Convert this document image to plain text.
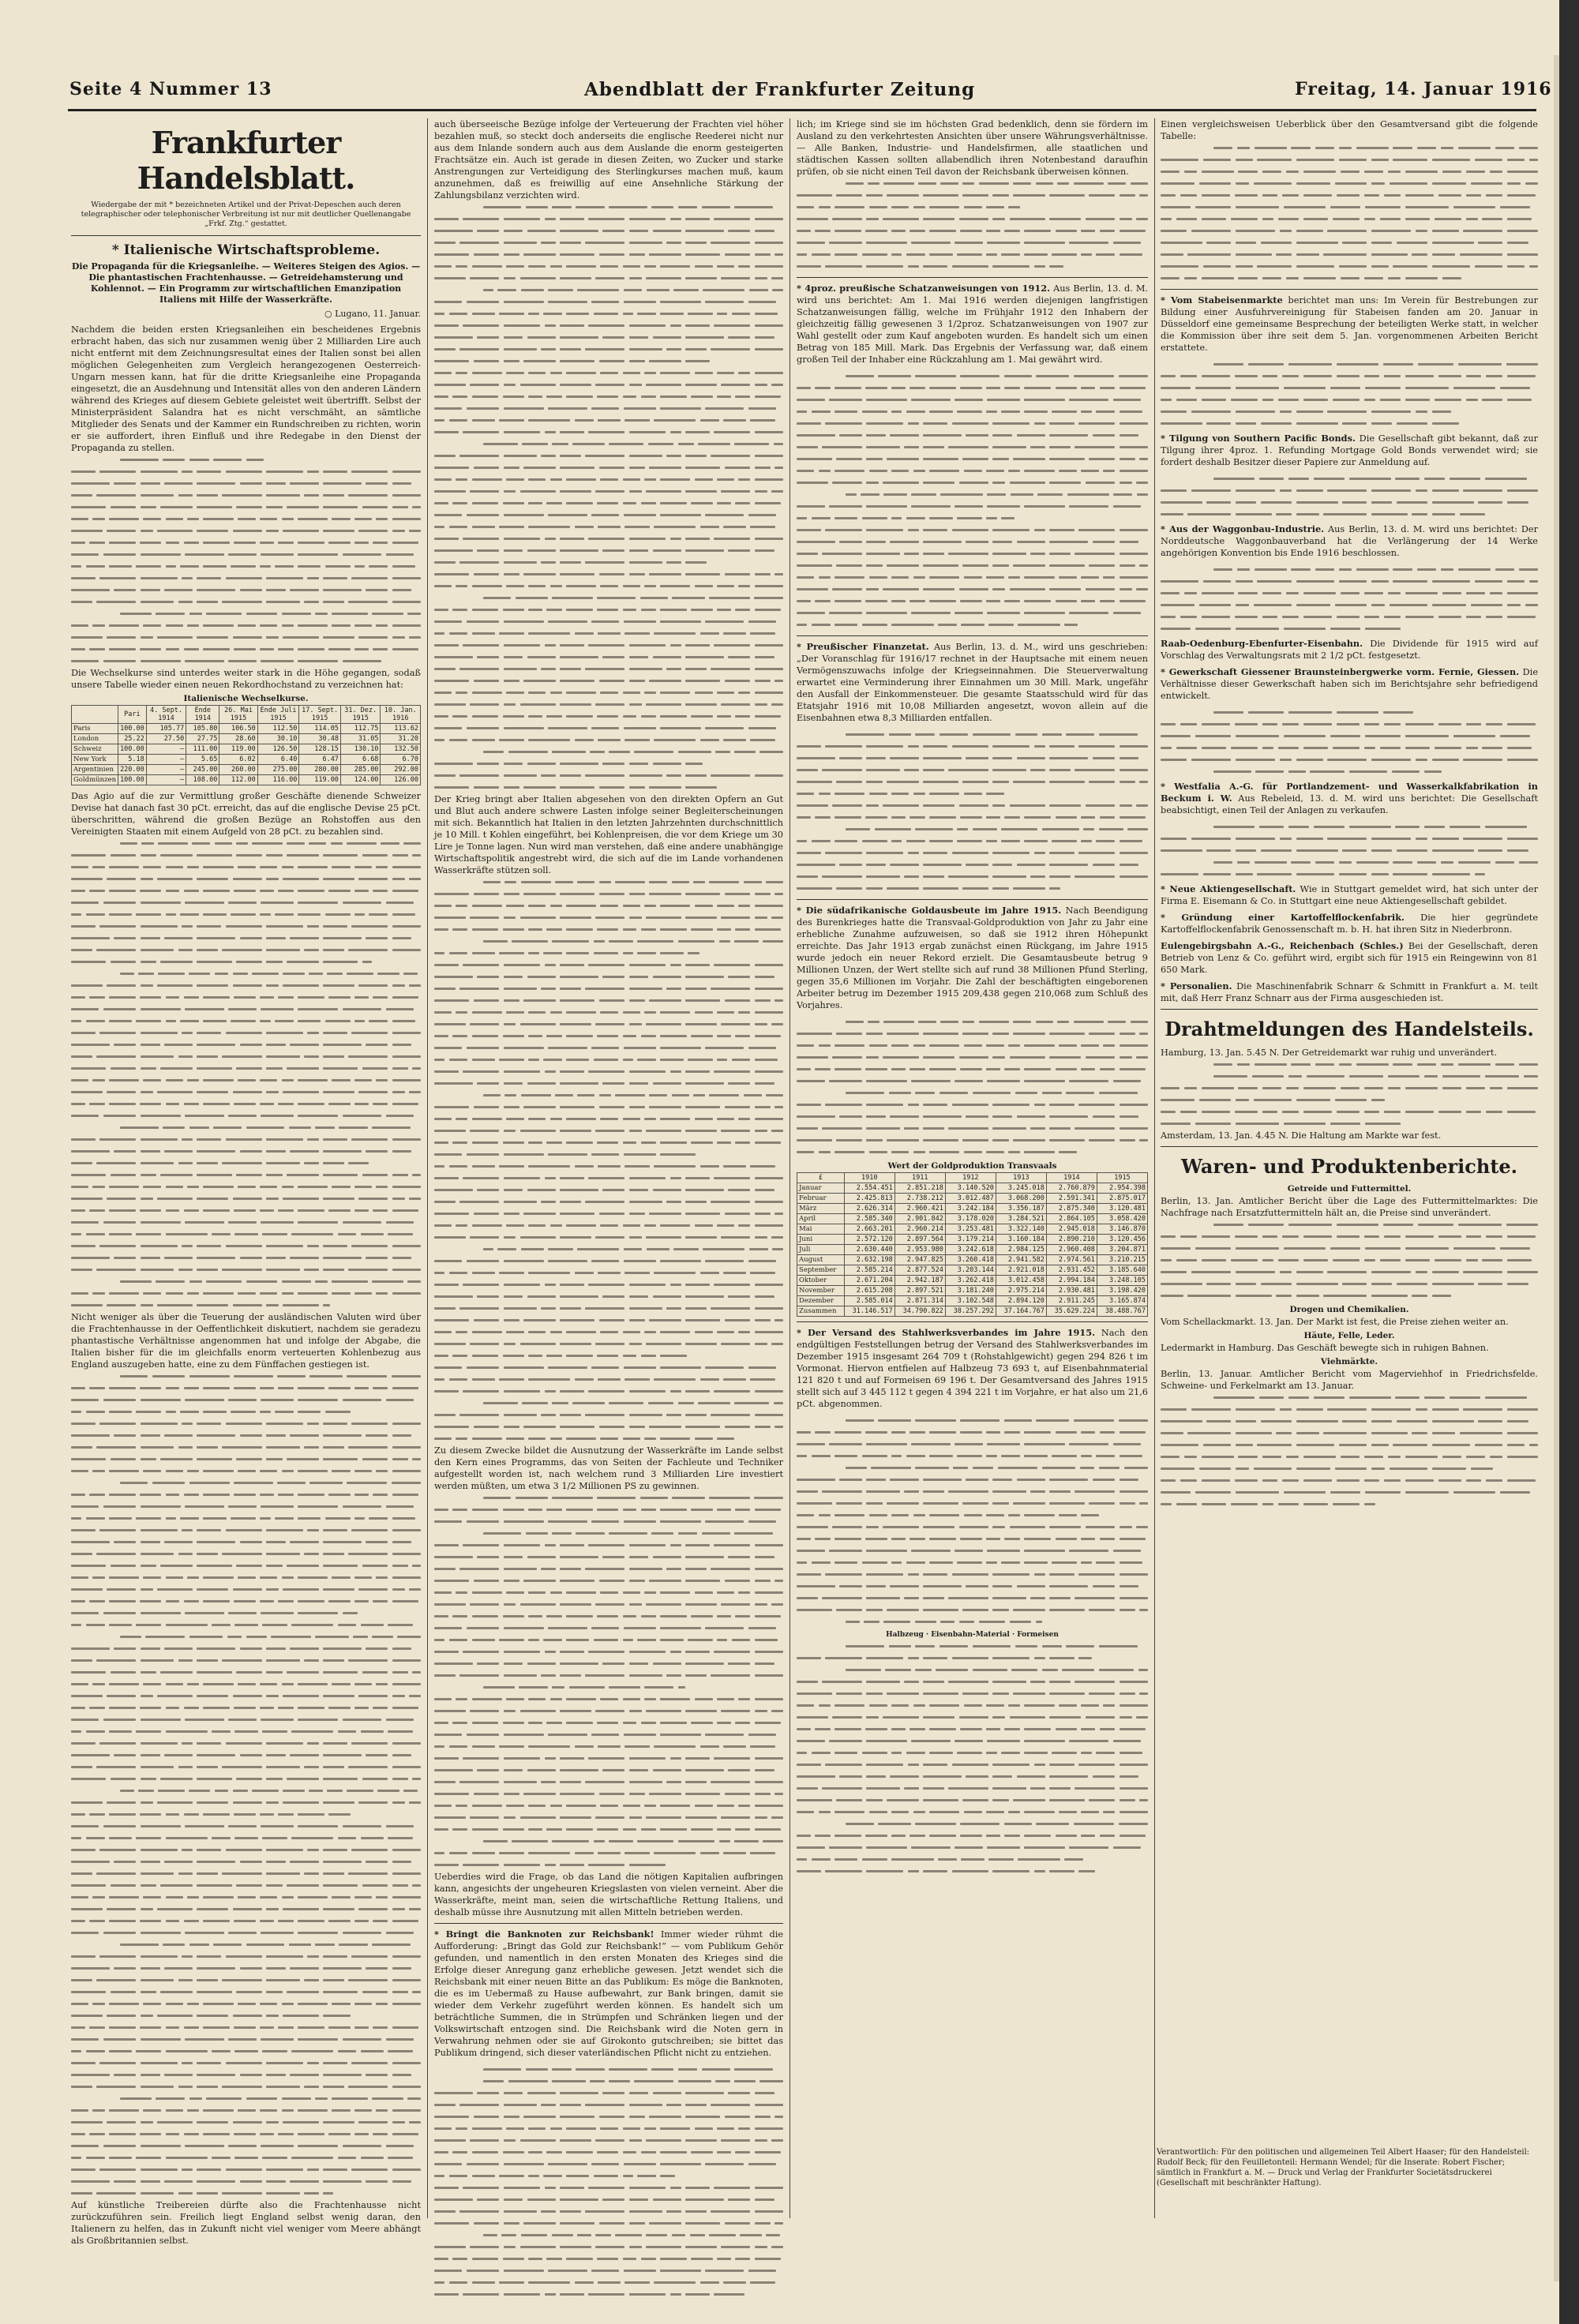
Seite 4 Nummer 13	Abendblatt der Frankfurter Zeitung	Freitag, 14. Januar 1916
Frankfurter Handelsblatt.

Wiedergabe der mit * bezeichneten Artikel und der Privat-Depeschen auch deren telegraphischer oder telephonischer Verbreitung ist nur mit deutlicher Quellenangabe „Frkf. Ztg.“ gestattet.

* Italienische Wirtschaftsprobleme.

Die Propaganda für die Kriegsanleihe. — Weiteres Steigen des Agios. — Die phantastischen Frachtenhausse. — Getreidehamsterung und Kohlennot. — Ein Programm zur wirtschaftlichen Emanzipation Italiens mit Hilfe der Wasserkräfte.

○ Lugano, 11. Januar.

Nachdem die beiden ersten Kriegsanleihen ein bescheidenes Ergebnis erbracht haben, das sich nur zusammen wenig über 2 Milliarden Lire auch nicht entfernt mit dem Zeichnungsresultat eines der Italien sonst bei allen möglichen Gelegenheiten zum Vergleich herangezogenen Oesterreich-Ungarn messen kann, hat für die dritte Kriegsanleihe eine Propaganda eingesetzt, die an Ausdehnung und Intensität alles von den anderen Ländern während des Krieges auf diesem Gebiete geleistet weit übertrifft. Selbst der Ministerpräsident Salandra hat es nicht verschmäht, an sämtliche Mitglieder des Senats und der Kammer ein Rundschreiben zu richten, worin er sie auffordert, ihren Einfluß und ihre Redegabe in den Dienst der Propaganda zu stellen.

Die Wechselkurse sind unterdes weiter stark in die Höhe gegangen, sodaß unsere Tabelle wieder einen neuen Rekordhochstand zu verzeichnen hat:

Italienische Wechselkurse.
	Pari	4. Sept. 1914	Ende 1914	26. Mai 1915	Ende Juli 1915	17. Sept. 1915	31. Dez. 1915	10. Jan. 1916
Paris	100.00	105.77	105.80	106.50	112.50	114.05	112.75	113.62
London	25.22	27.50	27.75	28.60	30.10	30.48	31.05	31.20
Schweiz	100.00	—	111.00	119.00	126.50	128.15	130.10	132.50
New York	5.18	—	5.65	6.02	6.40	6.47	6.68	6.70
Argentinien	220.00	—	245.00	260.00	275.00	280.00	285.00	292.00
Goldmünzen	100.00	—	108.00	112.00	116.00	119.00	124.00	126.00

Das Agio auf die zur Vermittlung großer Geschäfte dienende Schweizer Devise hat danach fast 30 pCt. erreicht, das auf die englische Devise 25 pCt. überschritten, während die großen Bezüge an Rohstoffen aus den Vereinigten Staaten mit einem Aufgeld von 28 pCt. zu bezahlen sind.

Nicht weniger als über die Teuerung der ausländischen Valuten wird über die Frachtenhausse in der Oeffentlichkeit diskutiert, nachdem sie geradezu phantastische Verhältnisse angenommen hat und infolge der Abgabe, die Italien bisher für die im gleichfalls enorm verteuerten Kohlenbezug aus England auszugeben hatte, eine zu dem Fünffachen gestiegen ist.

Auf künstliche Treibereien dürfte also die Frachtenhausse nicht zurückzuführen sein. Freilich liegt England selbst wenig daran, den Italienern zu helfen, das in Zukunft nicht viel weniger vom Meere abhängt als Großbritannien selbst.

auch überseeische Bezüge infolge der Verteuerung der Frachten viel höher bezahlen muß, so steckt doch anderseits die englische Reederei nicht nur aus dem Inlande sondern auch aus dem Auslande die enorm gesteigerten Frachtsätze ein. Auch ist gerade in diesen Zeiten, wo Zucker und starke Anstrengungen zur Verteidigung des Sterlingkurses machen muß, kaum anzunehmen, daß es freiwillig auf eine Ansehnliche Stärkung der Zahlungsbilanz verzichten wird.

Der Krieg bringt aber Italien abgesehen von den direkten Opfern an Gut und Blut auch andere schwere Lasten infolge seiner Begleiterscheinungen mit sich. Bekanntlich hat Italien in den letzten Jahrzehnten durchschnittlich je 10 Mill. t Kohlen eingeführt, bei Kohlenpreisen, die vor dem Kriege um 30 Lire je Tonne lagen. Nun wird man verstehen, daß eine andere unabhängige Wirtschaftspolitik angestrebt wird, die sich auf die im Lande vorhandenen Wasserkräfte stützen soll.

Zu diesem Zwecke bildet die Ausnutzung der Wasserkräfte im Lande selbst den Kern eines Programms, das von Seiten der Fachleute und Techniker aufgestellt worden ist, nach welchem rund 3 Milliarden Lire investiert werden müßten, um etwa 3 1/2 Millionen PS zu gewinnen.

Ueberdies wird die Frage, ob das Land die nötigen Kapitalien aufbringen kann, angesichts der ungeheuren Kriegslasten von vielen verneint. Aber die Wasserkräfte, meint man, seien die wirtschaftliche Rettung Italiens, und deshalb müsse ihre Ausnutzung mit allen Mitteln betrieben werden.

* Bringt die Banknoten zur Reichsbank! Immer wieder rühmt die Aufforderung: „Bringt das Gold zur Reichsbank!“ — vom Publikum Gehör gefunden, und namentlich in den ersten Monaten des Krieges sind die Erfolge dieser Anregung ganz erhebliche gewesen. Jetzt wendet sich die Reichsbank mit einer neuen Bitte an das Publikum: Es möge die Banknoten, die es im Uebermaß zu Hause aufbewahrt, zur Bank bringen, damit sie wieder dem Verkehr zugeführt werden können. Es handelt sich um beträchtliche Summen, die in Strümpfen und Schränken liegen und der Volkswirtschaft entzogen sind. Die Reichsbank wird die Noten gern in Verwahrung nehmen oder sie auf Girokonto gutschreiben; sie bittet das Publikum dringend, sich dieser vaterländischen Pflicht nicht zu entziehen.

lich; im Kriege sind sie im höchsten Grad bedenklich, denn sie fördern im Ausland zu den verkehrtesten Ansichten über unsere Währungsverhältnisse. — Alle Banken, Industrie- und Handelsfirmen, alle staatlichen und städtischen Kassen sollten allabendlich ihren Notenbestand daraufhin prüfen, ob sie nicht einen Teil davon der Reichsbank überweisen können.

* 4proz. preußische Schatzanweisungen von 1912. Aus Berlin, 13. d. M. wird uns berichtet: Am 1. Mai 1916 werden diejenigen langfristigen Schatzanweisungen fällig, welche im Frühjahr 1912 den Inhabern der gleichzeitig fällig gewesenen 3 1/2proz. Schatzanweisungen von 1907 zur Wahl gestellt oder zum Kauf angeboten wurden. Es handelt sich um einen Betrag von 185 Mill. Mark. Das Ergebnis der Verfassung war, daß einem großen Teil der Inhaber eine Rückzahlung am 1. Mai gewährt wird.

* Preußischer Finanzetat. Aus Berlin, 13. d. M., wird uns geschrieben: „Der Voranschlag für 1916/17 rechnet in der Hauptsache mit einem neuen Vermögenszuwachs infolge der Kriegseinnahmen. Die Steuerverwaltung erwartet eine Verminderung ihrer Einnahmen um 30 Mill. Mark, ungefähr den Ausfall der Einkommensteuer. Die gesamte Staatsschuld wird für das Etatsjahr 1916 mit 10,08 Milliarden angesetzt, wovon allein auf die Eisenbahnen etwa 8,3 Milliarden entfallen.

* Die südafrikanische Goldausbeute im Jahre 1915. Nach Beendigung des Burenkrieges hatte die Transvaal-Goldproduktion von Jahr zu Jahr eine erhebliche Zunahme aufzuweisen, so daß sie 1912 ihren Höhepunkt erreichte. Das Jahr 1913 ergab zunächst einen Rückgang, im Jahre 1915 wurde jedoch ein neuer Rekord erzielt. Die Gesamtausbeute betrug 9 Millionen Unzen, der Wert stellte sich auf rund 38 Millionen Pfund Sterling, gegen 35,6 Millionen im Vorjahr. Die Zahl der beschäftigten eingeborenen Arbeiter betrug im Dezember 1915 209,438 gegen 210,068 zum Schluß des Vorjahres.

Wert der Goldproduktion Transvaals
£	1910	1911	1912	1913	1914	1915
Januar	2.554.451	2.851.218	3.140.520	3.245.018	2.760.879	2.954.398
Februar	2.425.813	2.738.212	3.012.487	3.068.200	2.591.341	2.875.017
März	2.626.314	2.960.421	3.242.184	3.356.187	2.875.340	3.120.481
April	2.585.340	2.901.842	3.178.020	3.284.521	2.864.105	3.058.420
Mai	2.663.201	2.960.214	3.253.481	3.322.140	2.945.018	3.146.870
Juni	2.572.120	2.897.564	3.179.214	3.160.184	2.890.210	3.120.456
Juli	2.630.440	2.953.980	3.242.618	2.984.125	2.960.408	3.204.871
August	2.632.198	2.947.825	3.260.418	2.941.582	2.974.561	3.210.215
September	2.585.214	2.877.524	3.203.144	2.921.018	2.931.452	3.185.640
Oktober	2.671.204	2.942.187	3.262.418	3.012.458	2.994.184	3.248.105
November	2.615.208	2.897.521	3.181.240	2.975.214	2.930.481	3.198.420
Dezember	2.585.014	2.871.314	3.102.548	2.894.120	2.911.245	3.165.874
Zusammen	31.146.517	34.790.822	38.257.292	37.164.767	35.629.224	38.488.767

* Der Versand des Stahlwerksverbandes im Jahre 1915. Nach den endgültigen Feststellungen betrug der Versand des Stahlwerksverbandes im Dezember 1915 insgesamt 264 709 t (Rohstahlgewicht) gegen 294 826 t im Vormonat. Hiervon entfielen auf Halbzeug 73 693 t, auf Eisenbahnmaterial 121 820 t und auf Formeisen 69 196 t. Der Gesamtversand des Jahres 1915 stellt sich auf 3 445 112 t gegen 4 394 221 t im Vorjahre, er hat also um 21,6 pCt. abgenommen.

Halbzeug · Eisenbahn-Material · Formeisen

Einen vergleichsweisen Ueberblick über den Gesamtversand gibt die folgende Tabelle:

* Vom Stabeisenmarkte berichtet man uns: Im Verein für Bestrebungen zur Bildung einer Ausfuhrvereinigung für Stabeisen fanden am 20. Januar in Düsseldorf eine gemeinsame Besprechung der beteiligten Werke statt, in welcher die Kommission über ihre seit dem 5. Jan. vorgenommenen Arbeiten Bericht erstattete.

* Tilgung von Southern Pacific Bonds. Die Gesellschaft gibt bekannt, daß zur Tilgung ihrer 4proz. 1. Refunding Mortgage Gold Bonds verwendet wird; sie fordert deshalb Besitzer dieser Papiere zur Anmeldung auf.

* Aus der Waggonbau-Industrie. Aus Berlin, 13. d. M. wird uns berichtet: Der Norddeutsche Waggonbauverband hat die Verlängerung der 14 Werke angehörigen Konvention bis Ende 1916 beschlossen.

Raab-Oedenburg-Ebenfurter-Eisenbahn. Die Dividende für 1915 wird auf Vorschlag des Verwaltungsrats mit 2 1/2 pCt. festgesetzt.

* Gewerkschaft Giessener Braunsteinbergwerke vorm. Fernie, Giessen. Die Verhältnisse dieser Gewerkschaft haben sich im Berichtsjahre sehr befriedigend entwickelt.

* Westfalia A.-G. für Portlandzement- und Wasserkalkfabrikation in Beckum i. W. Aus Rebeleid, 13. d. M. wird uns berichtet: Die Gesellschaft beabsichtigt, einen Teil der Anlagen zu verkaufen.

* Neue Aktiengesellschaft. Wie in Stuttgart gemeldet wird, hat sich unter der Firma E. Eisemann & Co. in Stuttgart eine neue Aktiengesellschaft gebildet.

* Gründung einer Kartoffelflockenfabrik. Die hier gegründete Kartoffelflockenfabrik Genossenschaft m. b. H. hat ihren Sitz in Niederbronn.

Eulengebirgsbahn A.-G., Reichenbach (Schles.) Bei der Gesellschaft, deren Betrieb von Lenz & Co. geführt wird, ergibt sich für 1915 ein Reingewinn von 81 650 Mark.

* Personalien. Die Maschinenfabrik Schnarr & Schmitt in Frankfurt a. M. teilt mit, daß Herr Franz Schnarr aus der Firma ausgeschieden ist.

Drahtmeldungen des Handelsteils.

Hamburg, 13. Jan. 5.45 N. Der Getreidemarkt war ruhig und unverändert.

Amsterdam, 13. Jan. 4.45 N. Die Haltung am Markte war fest.

Waren- und Produktenberichte.
Getreide und Futtermittel.

Berlin, 13. Jan. Amtlicher Bericht über die Lage des Futtermittelmarktes: Die Nachfrage nach Ersatzfuttermitteln hält an, die Preise sind unverändert.

Drogen und Chemikalien.

Vom Schellackmarkt. 13. Jan. Der Markt ist fest, die Preise ziehen weiter an.

Häute, Felle, Leder.

Ledermarkt in Hamburg. Das Geschäft bewegte sich in ruhigen Bahnen.

Viehmärkte.

Berlin, 13. Januar. Amtlicher Bericht vom Magerviehhof in Friedrichsfelde. Schweine- und Ferkelmarkt am 13. Januar.

Verantwortlich: Für den politischen und allgemeinen Teil Albert Haaser; für den Handelsteil: Rudolf Beck; für den Feuilletonteil: Hermann Wendel; für die Inserate: Robert Fischer; sämtlich in Frankfurt a. M. — Druck und Verlag der Frankfurter Societätsdruckerei (Gesellschaft mit beschränkter Haftung).
